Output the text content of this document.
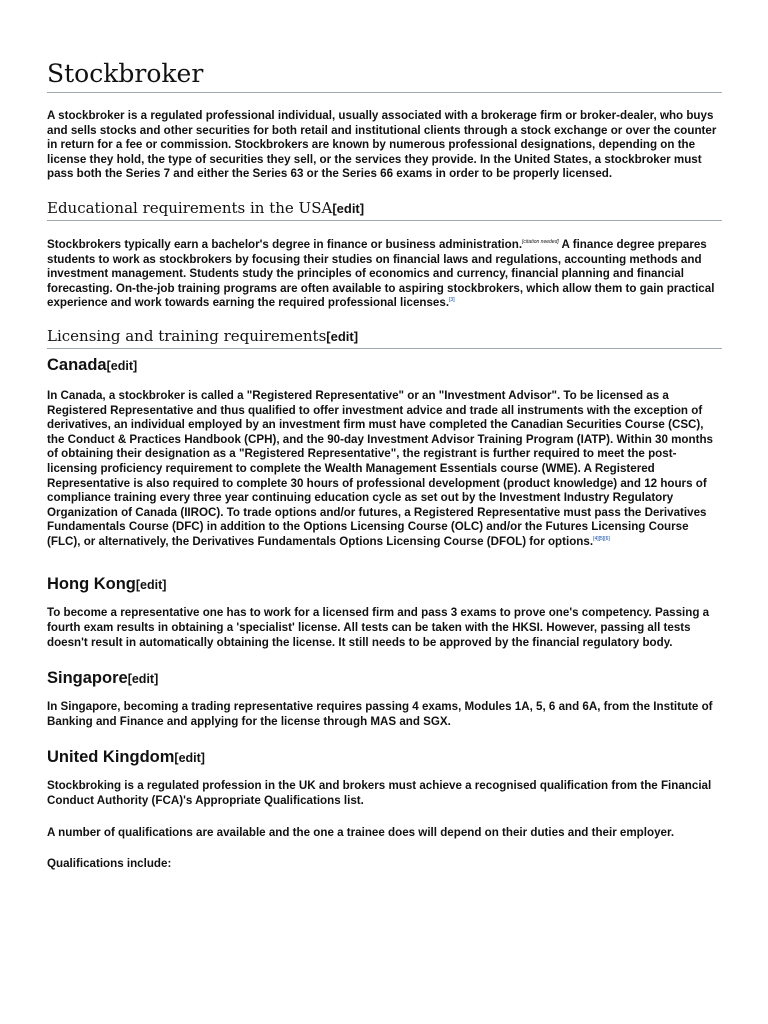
Stockbroker

A stockbroker is a regulated professional individual, usually associated with a brokerage firm or broker-dealer, who buys and sells stocks and other securities for both retail and institutional clients through a stock exchange or over the counter in return for a fee or commission. Stockbrokers are known by numerous professional designations, depending on the license they hold, the type of securities they sell, or the services they provide. In the United States, a stockbroker must pass both the Series 7 and either the Series 63 or the Series 66 exams in order to be properly licensed.

Educational requirements in the USA[edit]

Stockbrokers typically earn a bachelor's degree in finance or business administration.[citation needed] A finance degree prepares students to work as stockbrokers by focusing their studies on financial laws and regulations, accounting methods and investment management. Students study the principles of economics and currency, financial planning and financial forecasting. On-the-job training programs are often available to aspiring stockbrokers, which allow them to gain practical experience and work towards earning the required professional licenses.[3]

Licensing and training requirements[edit]
Canada[edit]

In Canada, a stockbroker is called a "Registered Representative" or an "Investment Advisor". To be licensed as a Registered Representative and thus qualified to offer investment advice and trade all instruments with the exception of derivatives, an individual employed by an investment firm must have completed the Canadian Securities Course (CSC), the Conduct & Practices Handbook (CPH), and the 90-day Investment Advisor Training Program (IATP). Within 30 months of obtaining their designation as a "Registered Representative", the registrant is further required to meet the post-licensing proficiency requirement to complete the Wealth Management Essentials course (WME). A Registered Representative is also required to complete 30 hours of professional development (product knowledge) and 12 hours of compliance training every three year continuing education cycle as set out by the Investment Industry Regulatory Organization of Canada (IIROC). To trade options and/or futures, a Registered Representative must pass the Derivatives Fundamentals Course (DFC) in addition to the Options Licensing Course (OLC) and/or the Futures Licensing Course (FLC), or alternatively, the Derivatives Fundamentals Options Licensing Course (DFOL) for options.[4][5][6]

Hong Kong[edit]

To become a representative one has to work for a licensed firm and pass 3 exams to prove one's competency. Passing a fourth exam results in obtaining a 'specialist' license. All tests can be taken with the HKSI. However, passing all tests doesn't result in automatically obtaining the license. It still needs to be approved by the financial regulatory body.

Singapore[edit]

In Singapore, becoming a trading representative requires passing 4 exams, Modules 1A, 5, 6 and 6A, from the Institute of Banking and Finance and applying for the license through MAS and SGX.

United Kingdom[edit]

Stockbroking is a regulated profession in the UK and brokers must achieve a recognised qualification from the Financial Conduct Authority (FCA)'s Appropriate Qualifications list.

A number of qualifications are available and the one a trainee does will depend on their duties and their employer.

Qualifications include:
